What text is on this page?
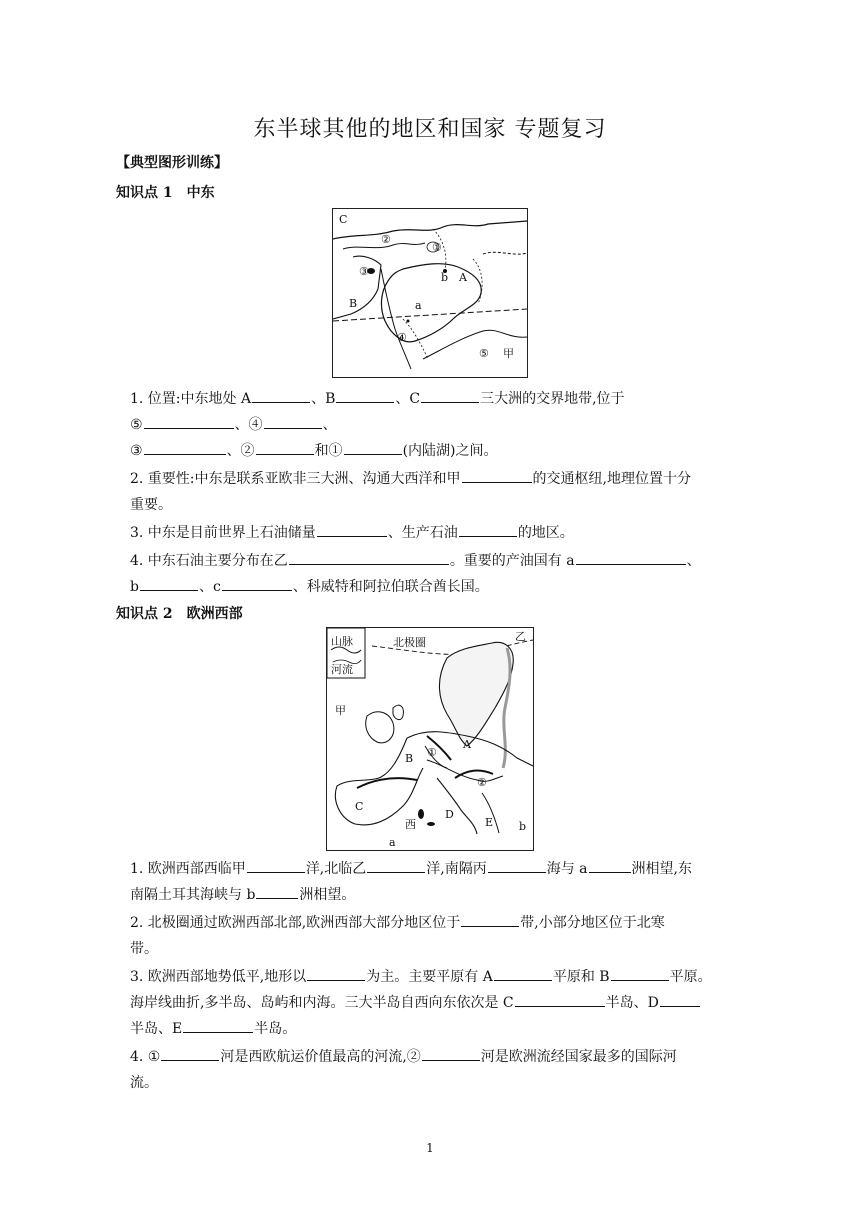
东半球其他的地区和国家 专题复习
【典型图形训练】
知识点 1　中东
C
②
①
③	b A
B	a
④
⑤ 甲
1. 位置:中东地处 A	、B	、C	三大洲的交界地带,位于
⑤	、④	、
③	、②	和①	(内陆湖)之间。
2. 重要性:中东是联系亚欧非三大洲、沟通大西洋和甲	的交通枢纽,地理位置十分
重要。
3. 中东是目前世界上石油储量	、生产石油	的地区。
4. 中东石油主要分布在乙	。重要的产油国有 a	、
b	、c	、科威特和阿拉伯联合酋长国。
知识点 2　欧洲西部
山脉
河流
北极圈	乙
甲
①
A
B
②
C
D
西	E b
a
1. 欧洲西部西临甲	洋,北临乙	洋,南隔丙	海与 a	洲相望,东
南隔土耳其海峡与 b	洲相望。
2. 北极圈通过欧洲西部北部,欧洲西部大部分地区位于	带,小部分地区位于北寒
带。
3. 欧洲西部地势低平,地形以	为主。主要平原有 A	平原和 B	平原。
海岸线曲折,多半岛、岛屿和内海。三大半岛自西向东依次是 C	半岛、D
半岛、E	半岛。
4. ①	河是西欧航运价值最高的河流,②	河是欧洲流经国家最多的国际河
流。
1
